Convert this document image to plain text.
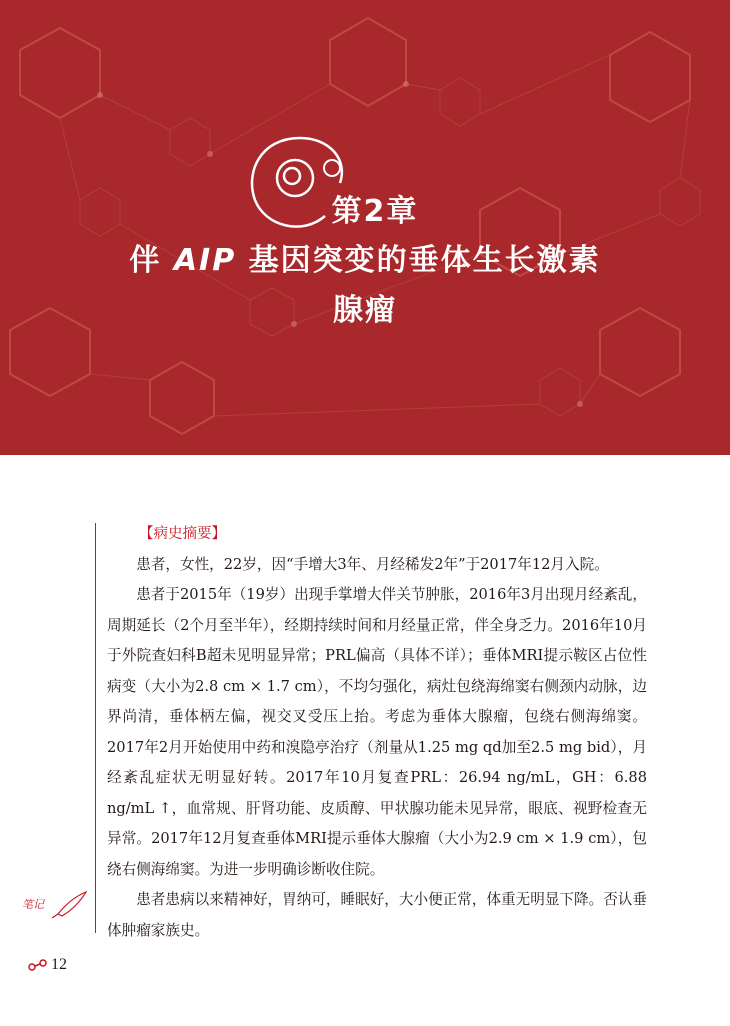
第2章
伴 AIP 基因突变的垂体生长激素
腺瘤
【病史摘要】

患者，女性，22岁，因“手增大3年、月经稀发2年”于2017年12月入院。

患者于2015年（19岁）出现手掌增大伴关节肿胀，2016年3月出现月经紊乱，周期延长（2个月至半年），经期持续时间和月经量正常，伴全身乏力。2016年10月于外院查妇科B超未见明显异常；PRL偏高（具体不详）；垂体MRI提示鞍区占位性病变（大小为2.8 cm × 1.7 cm），不均匀强化，病灶包绕海绵窦右侧颈内动脉，边界尚清，垂体柄左偏，视交叉受压上抬。考虑为垂体大腺瘤，包绕右侧海绵窦。2017年2月开始使用中药和溴隐亭治疗（剂量从1.25 mg qd加至2.5 mg bid），月经紊乱症状无明显好转。2017年10月复查PRL：26.94 ng/mL，GH：6.88 ng/mL ↑，血常规、肝肾功能、皮质醇、甲状腺功能未见异常，眼底、视野检查无异常。2017年12月复查垂体MRI提示垂体大腺瘤（大小为2.9 cm × 1.9 cm），包绕右侧海绵窦。为进一步明确诊断收住院。

患者患病以来精神好，胃纳可，睡眠好，大小便正常，体重无明显下降。否认垂体肿瘤家族史。

笔记
12
